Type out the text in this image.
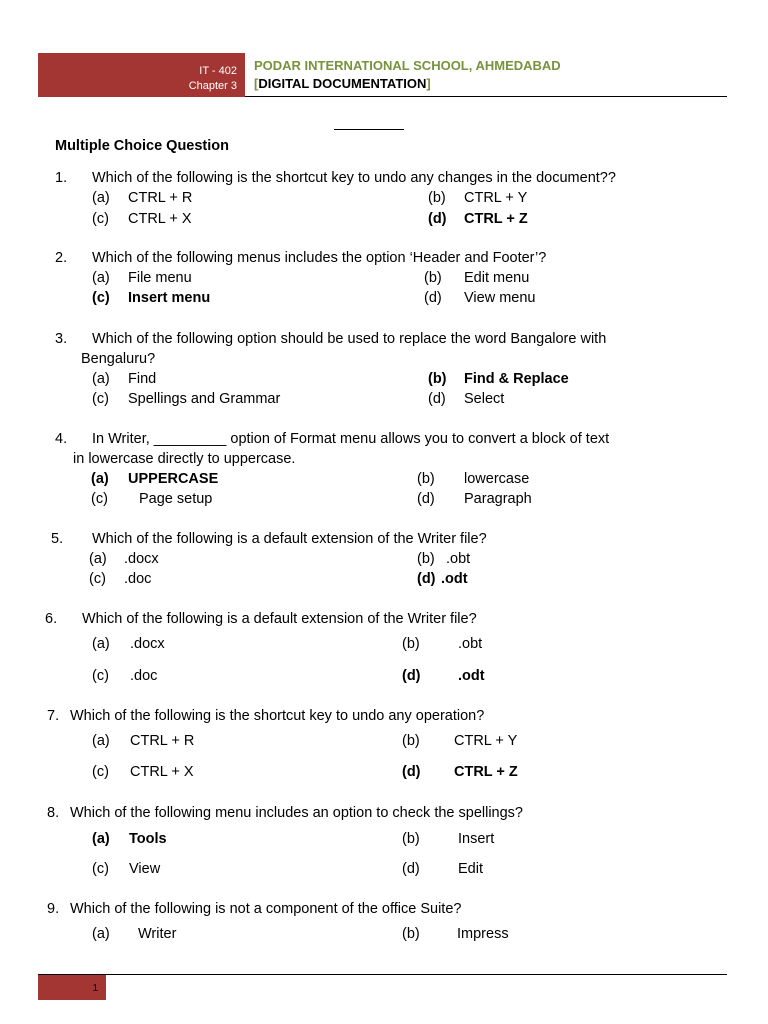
IT - 402
Chapter 3
PODAR INTERNATIONAL SCHOOL, AHMEDABAD
[DIGITAL DOCUMENTATION]
Multiple Choice Question
1. Which of the following is the shortcut key to undo any changes in the document??
(a) CTRL + R	(b) CTRL + Y
(c) CTRL + X	(d) CTRL + Z
2. Which of the following menus includes the option ‘Header and Footer’?
(a) File menu	(b) Edit menu
(c) Insert menu	(d) View menu
3. Which of the following option should be used to replace the word Bangalore with
Bengaluru?
(a) Find	(b) Find & Replace
(c) Spellings and Grammar	(d) Select
4. In Writer, _________ option of Format menu allows you to convert a block of text
in lowercase directly to uppercase.
(a) UPPERCASE	(b) lowercase
(c) Page setup	(d) Paragraph
5. Which of the following is a default extension of the Writer file?
(a) .docx	(b) .obt
(c) .doc	(d) .odt
6. Which of the following is a default extension of the Writer file?
(a) .docx	(b)	.obt
(c) .doc	(d)	.odt
7. Which of the following is the shortcut key to undo any operation?
(a) CTRL + R	(b) CTRL + Y
(c) CTRL + X	(d) CTRL + Z
8. Which of the following menu includes an option to check the spellings?
(a) Tools	(b)	Insert
(c) View	(d)	Edit
9. Which of the following is not a component of the office Suite?
(a) Writer	(b)	Impress
1
